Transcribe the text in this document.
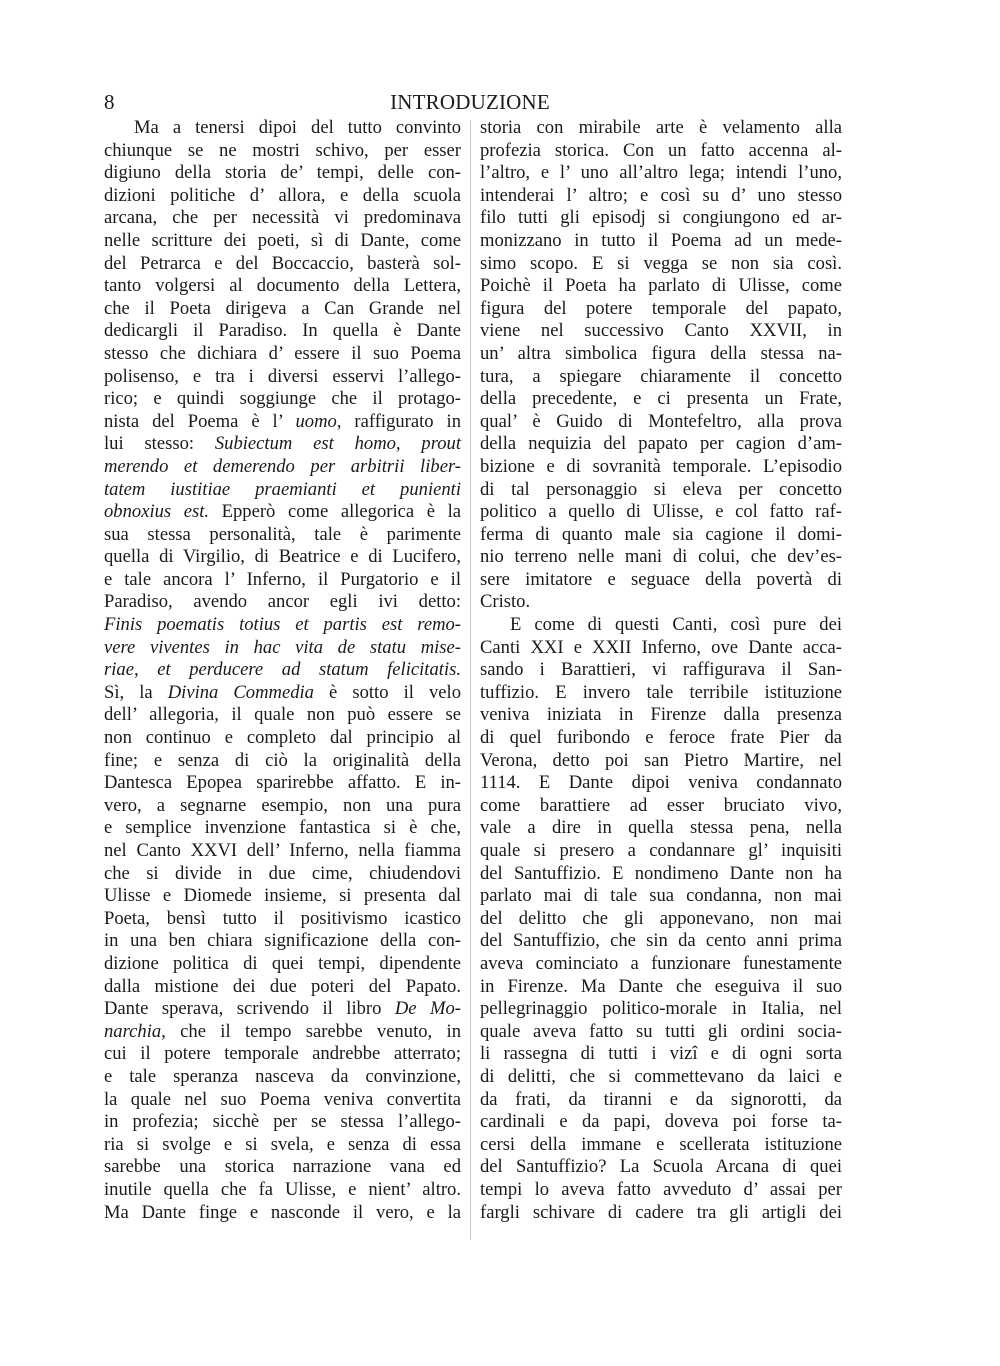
8	INTRODUZIONE
Ma a tenersi dipoi del tutto convinto
chiunque se ne mostri schivo, per esser
digiuno della storia de’ tempi, delle con-
dizioni politiche d’ allora, e della scuola
arcana, che per necessità vi predominava
nelle scritture dei poeti, sì di Dante, come
del Petrarca e del Boccaccio, basterà sol-
tanto volgersi al documento della Lettera,
che il Poeta dirigeva a Can Grande nel
dedicargli il Paradiso. In quella è Dante
stesso che dichiara d’ essere il suo Poema
polisenso, e tra i diversi esservi l’allego-
rico; e quindi soggiunge che il protago-
nista del Poema è l’ uomo, raffigurato in
lui stesso: Subiectum est homo, prout
merendo et demerendo per arbitrii liber-
tatem iustitiae praemianti et punienti
obnoxius est. Epperò come allegorica è la
sua stessa personalità, tale è parimente
quella di Virgilio, di Beatrice e di Lucifero,
e tale ancora l’ Inferno, il Purgatorio e il
Paradiso, avendo ancor egli ivi detto:
Finis poematis totius et partis est remo-
vere viventes in hac vita de statu mise-
riae, et perducere ad statum felicitatis.
Sì, la Divina Commedia è sotto il velo
dell’ allegoria, il quale non può essere se
non continuo e completo dal principio al
fine; e senza di ciò la originalità della
Dantesca Epopea sparirebbe affatto. E in-
vero, a segnarne esempio, non una pura
e semplice invenzione fantastica si è che,
nel Canto XXVI dell’ Inferno, nella fiamma
che si divide in due cime, chiudendovi
Ulisse e Diomede insieme, si presenta dal
Poeta, bensì tutto il positivismo icastico
in una ben chiara significazione della con-
dizione politica di quei tempi, dipendente
dalla mistione dei due poteri del Papato.
Dante sperava, scrivendo il libro De Mo-
narchia, che il tempo sarebbe venuto, in
cui il potere temporale andrebbe atterrato;
e tale speranza nasceva da convinzione,
la quale nel suo Poema veniva convertita
in profezia; sicchè per se stessa l’allego-
ria si svolge e si svela, e senza di essa
sarebbe una storica narrazione vana ed
inutile quella che fa Ulisse, e nient’ altro.
Ma Dante finge e nasconde il vero, e la
storia con mirabile arte è velamento alla
profezia storica. Con un fatto accenna al-
l’altro, e l’ uno all’altro lega; intendi l’uno,
intenderai l’ altro; e così su d’ uno stesso
filo tutti gli episodj si congiungono ed ar-
monizzano in tutto il Poema ad un mede-
simo scopo. E si vegga se non sia così.
Poichè il Poeta ha parlato di Ulisse, come
figura del potere temporale del papato,
viene nel successivo Canto XXVII, in
un’ altra simbolica figura della stessa na-
tura, a spiegare chiaramente il concetto
della precedente, e ci presenta un Frate,
qual’ è Guido di Montefeltro, alla prova
della nequizia del papato per cagion d’am-
bizione e di sovranità temporale. L’episodio
di tal personaggio si eleva per concetto
politico a quello di Ulisse, e col fatto raf-
ferma di quanto male sia cagione il domi-
nio terreno nelle mani di colui, che dev’es-
sere imitatore e seguace della povertà di
Cristo.
E come di questi Canti, così pure dei
Canti XXI e XXII Inferno, ove Dante acca-
sando i Barattieri, vi raffigurava il San-
tuffizio. E invero tale terribile istituzione
veniva iniziata in Firenze dalla presenza
di quel furibondo e feroce frate Pier da
Verona, detto poi san Pietro Martire, nel
1114. E Dante dipoi veniva condannato
come barattiere ad esser bruciato vivo,
vale a dire in quella stessa pena, nella
quale si presero a condannare gl’ inquisiti
del Santuffizio. E nondimeno Dante non ha
parlato mai di tale sua condanna, non mai
del delitto che gli apponevano, non mai
del Santuffizio, che sin da cento anni prima
aveva cominciato a funzionare funestamente
in Firenze. Ma Dante che eseguiva il suo
pellegrinaggio politico-morale in Italia, nel
quale aveva fatto su tutti gli ordini socia-
li rassegna di tutti i vizî e di ogni sorta
di delitti, che si commettevano da laici e
da frati, da tiranni e da signorotti, da
cardinali e da papi, doveva poi forse ta-
cersi della immane e scellerata istituzione
del Santuffizio? La Scuola Arcana di quei
tempi lo aveva fatto avveduto d’ assai per
fargli schivare di cadere tra gli artigli dei
